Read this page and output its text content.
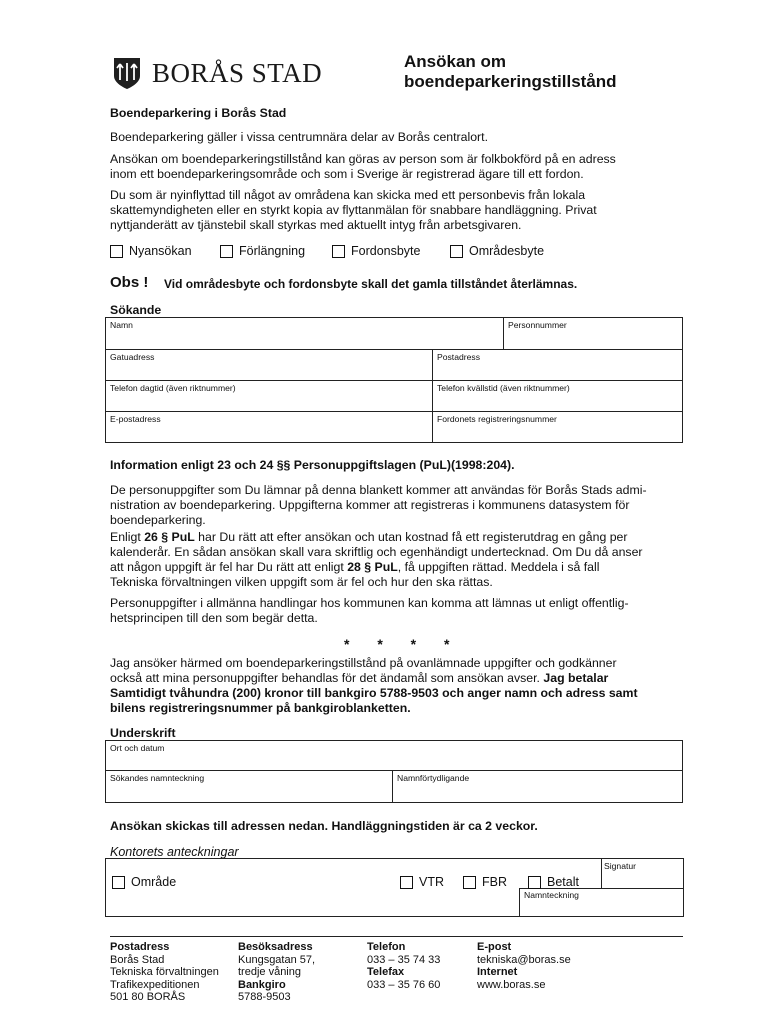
BORÅS STAD	Ansökan om
boendeparkeringstillstånd
Boendeparkering i Borås Stad
Boendeparkering gäller i vissa centrumnära delar av Borås centralort.
Ansökan om boendeparkeringstillstånd kan göras av person som är folkbokförd på en adress
inom ett boendeparkeringsområde och som i Sverige är registrerad ägare till ett fordon.
Du som är nyinflyttad till något av områdena kan skicka med ett personbevis från lokala
skattemyndigheten eller en styrkt kopia av flyttanmälan för snabbare handläggning. Privat
nyttjanderätt av tjänstebil skall styrkas med aktuellt intyg från arbetsgivaren.
Nyansökan	Förlängning	Fordonsbyte	Områdesbyte
Obs ! Vid områdesbyte och fordonsbyte skall det gamla tillståndet återlämnas.
Sökande
Namn		Personnummer
Gatuadress	Postadress	
Telefon dagtid (även riktnummer)	Telefon kvällstid (även riktnummer)	
E-postadress	Fordonets registreringsnummer	
Information enligt 23 och 24 §§ Personuppgiftslagen (PuL)(1998:204).
De personuppgifter som Du lämnar på denna blankett kommer att användas för Borås Stads admi-
nistration av boendeparkering. Uppgifterna kommer att registreras i kommunens datasystem för
boendeparkering.
Enligt 26 § PuL har Du rätt att efter ansökan och utan kostnad få ett registerutdrag en gång per
kalenderår. En sådan ansökan skall vara skriftlig och egenhändigt undertecknad. Om Du då anser
att någon uppgift är fel har Du rätt att enligt 28 § PuL, få uppgiften rättad. Meddela i så fall
Tekniska förvaltningen vilken uppgift som är fel och hur den ska rättas.
Personuppgifter i allmänna handlingar hos kommunen kan komma att lämnas ut enligt offentlig-
hetsprincipen till den som begär detta.
* * * *
Jag ansöker härmed om boendeparkeringstillstånd på ovanlämnade uppgifter och godkänner
också att mina personuppgifter behandlas för det ändamål som ansökan avser. Jag betalar
Samtidigt tvåhundra (200) kronor till bankgiro 5788-9503 och anger namn och adress samt
bilens registreringsnummer på bankgiroblanketten.
Underskrift
Ort och datum
Sökandes namnteckning	Namnförtydligande
Ansökan skickas till adressen nedan. Handläggningstiden är ca 2 veckor.
Kontorets anteckningar
Signatur
Område	VTR	FBR	Betalt
Namnteckning
Postadress
Borås Stad
Tekniska förvaltningen
Trafikexpeditionen
501 80 BORÅS
Besöksadress
Kungsgatan 57,
tredje våning
Bankgiro
5788-9503
Telefon
033 – 35 74 33
Telefax
033 – 35 76 60
E-post
tekniska@boras.se
Internet
www.boras.se
